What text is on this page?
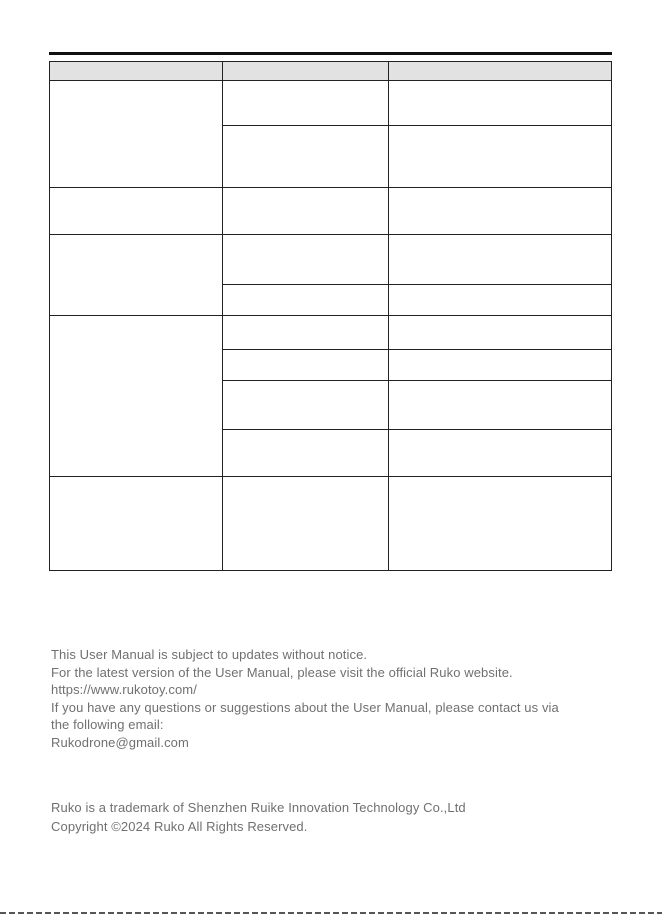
This User Manual is subject to updates without notice.

For the latest version of the User Manual, please visit the official Ruko website.

https://www.rukotoy.com/

If you have any questions or suggestions about the User Manual, please contact us via

the following email:

Rukodrone@gmail.com

Ruko is a trademark of Shenzhen Ruike Innovation Technology Co.,Ltd

Copyright ©2024 Ruko All Rights Reserved.
